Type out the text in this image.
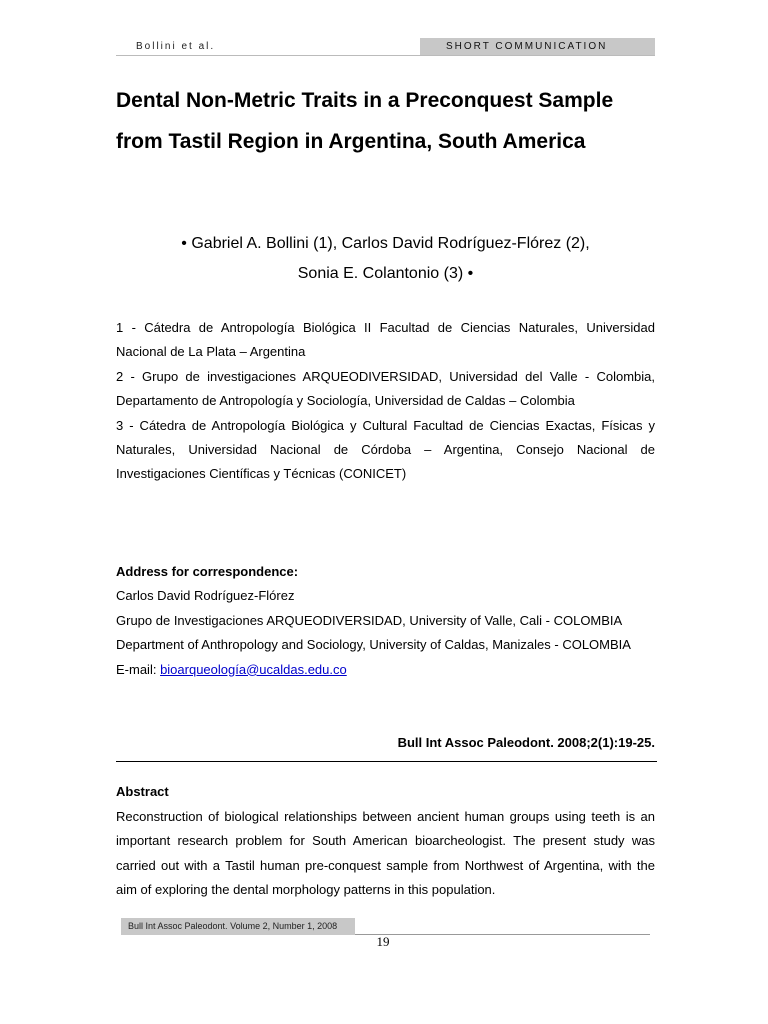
Bollini et al.	SHORT COMMUNICATION
Dental Non-Metric Traits in a Preconquest Sample from Tastil Region in Argentina, South America
• Gabriel A. Bollini (1), Carlos David Rodríguez-Flórez (2),
Sonia E. Colantonio (3) •

1 - Cátedra de Antropología Biológica II Facultad de Ciencias Naturales, Universidad Nacional de La Plata – Argentina

2 - Grupo de investigaciones ARQUEODIVERSIDAD, Universidad del Valle - Colombia, Departamento de Antropología y Sociología, Universidad de Caldas – Colombia

3 - Cátedra de Antropología Biológica y Cultural Facultad de Ciencias Exactas, Físicas y Naturales, Universidad Nacional de Córdoba – Argentina, Consejo Nacional de Investigaciones Científicas y Técnicas (CONICET)

Address for correspondence:

Carlos David Rodríguez-Flórez

Grupo de Investigaciones ARQUEODIVERSIDAD, University of Valle, Cali - COLOMBIA

Department of Anthropology and Sociology, University of Caldas, Manizales - COLOMBIA

E-mail: bioarqueología@ucaldas.edu.co

Bull Int Assoc Paleodont. 2008;2(1):19-25.
Abstract

Reconstruction of biological relationships between ancient human groups using teeth is an important research problem for South American bioarcheologist. The present study was carried out with a Tastil human pre-conquest sample from Northwest of Argentina, with the aim of exploring the dental morphology patterns in this population.

Bull Int Assoc Paleodont. Volume 2, Number 1, 2008
19
